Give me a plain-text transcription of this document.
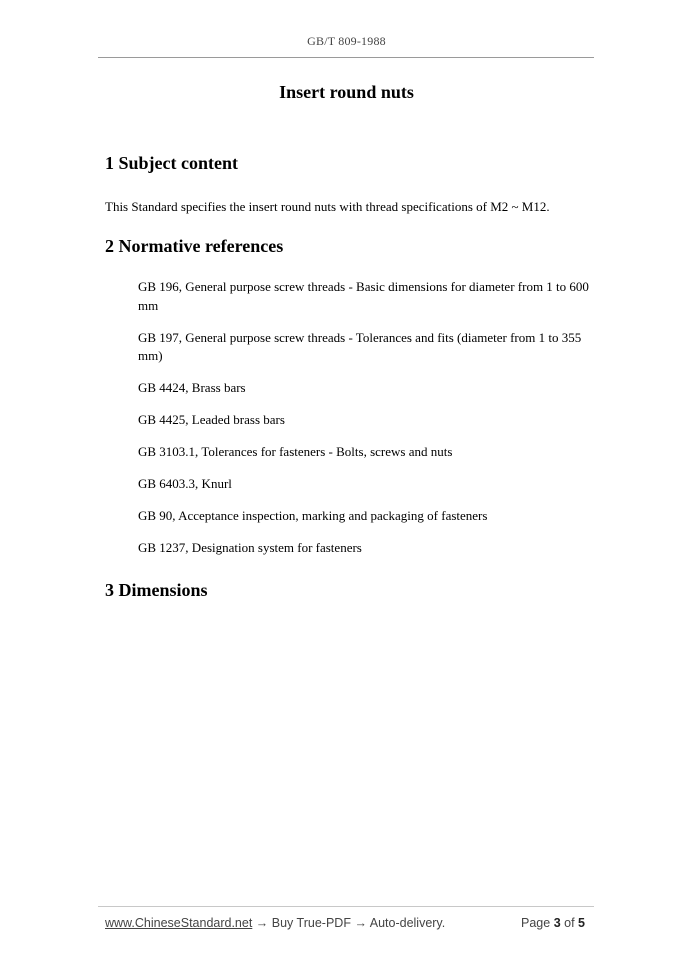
GB/T 809-1988
Insert round nuts
1 Subject content
This Standard specifies the insert round nuts with thread specifications of M2 ~ M12.
2 Normative references
GB 196, General purpose screw threads - Basic dimensions for diameter from 1 to 600 mm
GB 197, General purpose screw threads - Tolerances and fits (diameter from 1 to 355 mm)
GB 4424, Brass bars
GB 4425, Leaded brass bars
GB 3103.1, Tolerances for fasteners - Bolts, screws and nuts
GB 6403.3, Knurl
GB 90, Acceptance inspection, marking and packaging of fasteners
GB 1237, Designation system for fasteners
3 Dimensions
www.ChineseStandard.net → Buy True-PDF → Auto-delivery.	Page 3 of 5
